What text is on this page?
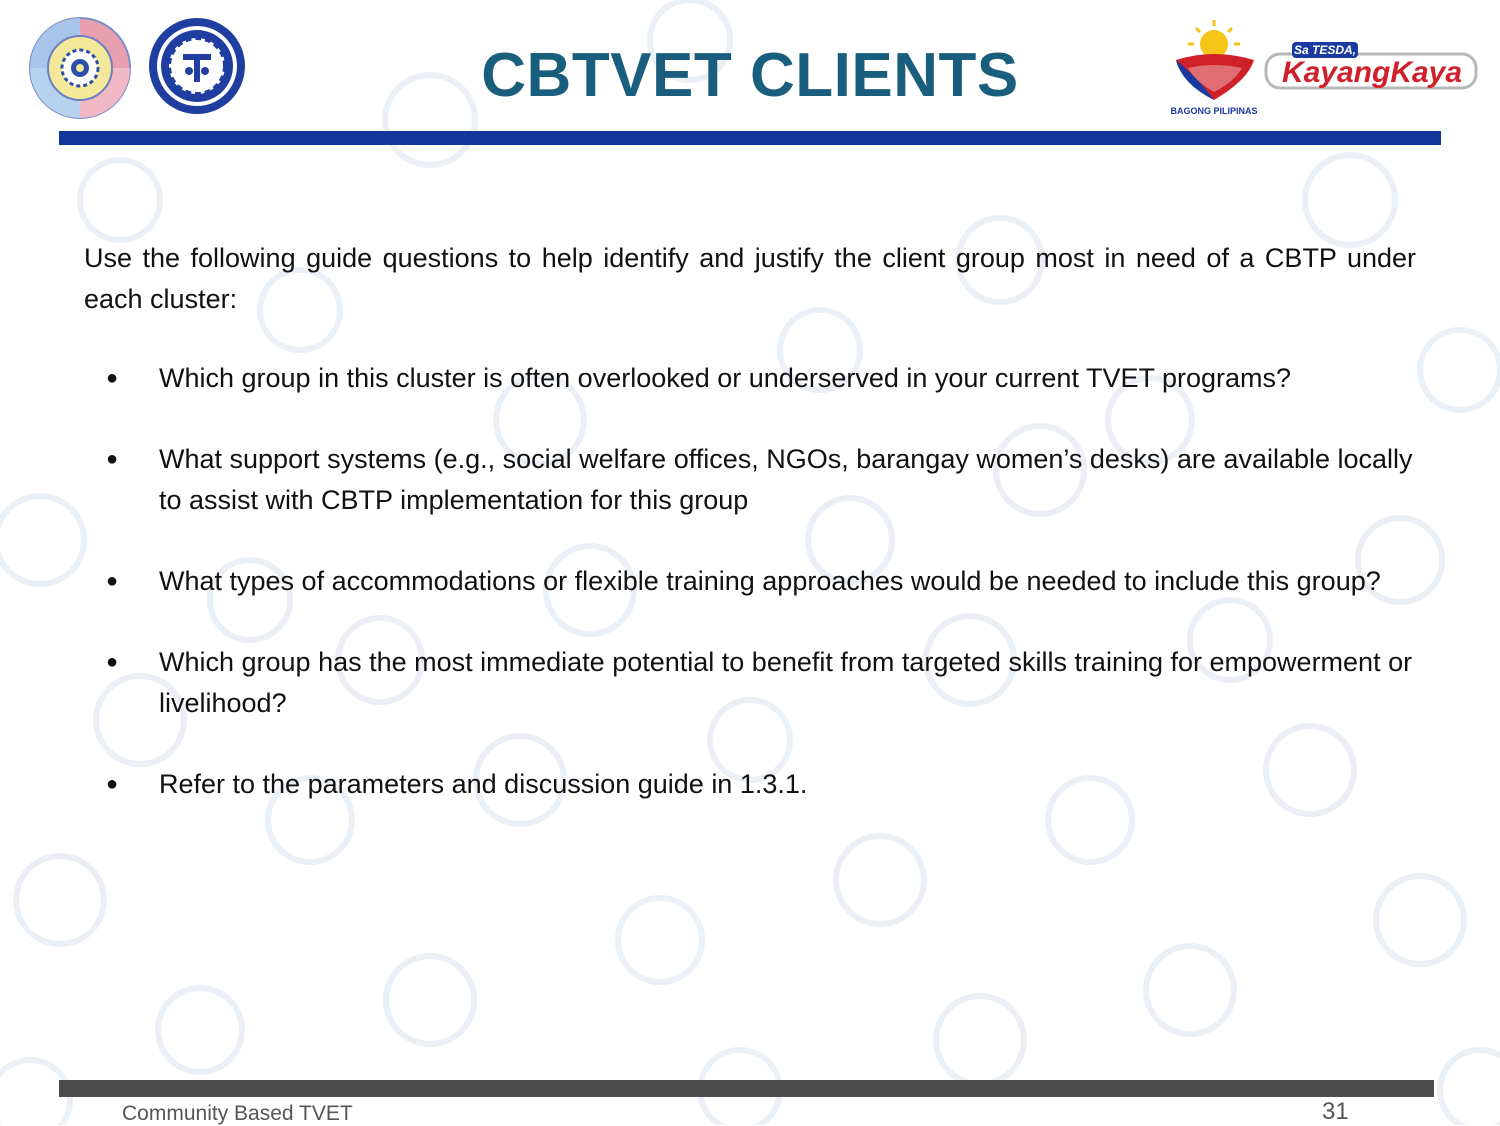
BAGONG PILIPINAS
Sa TESDA,
KayangKaya
CBTVET CLIENTS

Use the following guide questions to help identify and justify the client group most in need of a CBTP under each cluster:

● Which group in this cluster is often overlooked or underserved in your current TVET programs?
● What support systems (e.g., social welfare offices, NGOs, barangay women’s desks) are available locally to assist with CBTP implementation for this group
● What types of accommodations or flexible training approaches would be needed to include this group?
● Which group has the most immediate potential to benefit from targeted skills training for empowerment or livelihood?
● Refer to the parameters and discussion guide in 1.3.1.
Community Based TVET	31
